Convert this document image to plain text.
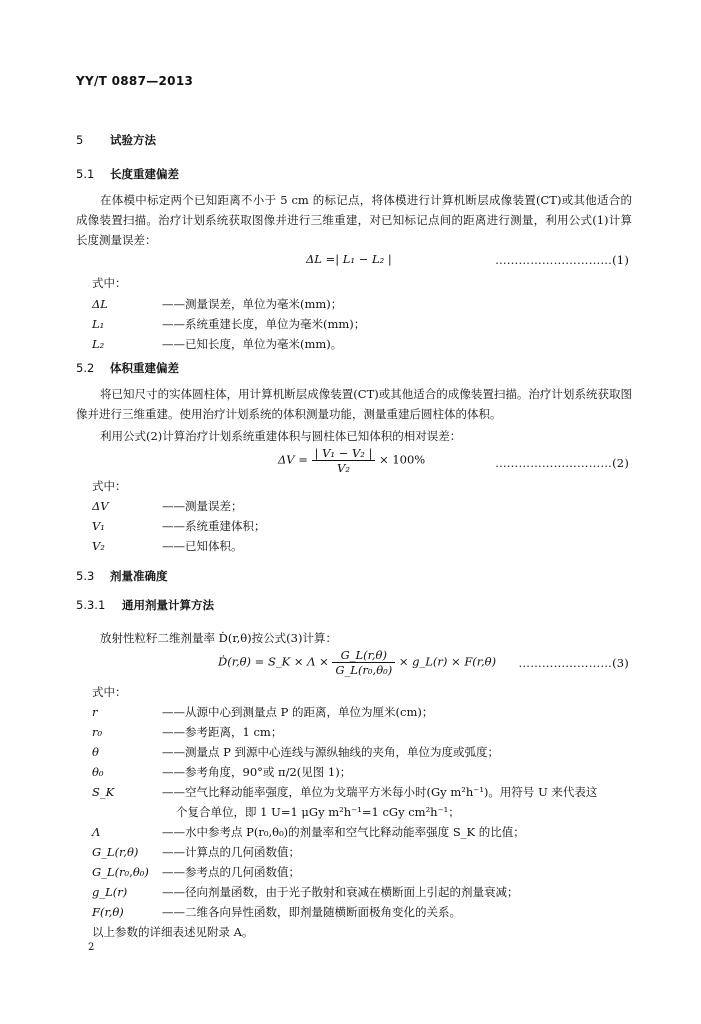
YY/T 0887—2013
5 试验方法
5.1 长度重建偏差
在体模中标定两个已知距离不小于 5 cm 的标记点，将体模进行计算机断层成像装置(CT)或其他适合的成像装置扫描。治疗计划系统获取图像并进行三维重建，对已知标记点间的距离进行测量，利用公式(1)计算长度测量误差：
ΔL =| L₁ − L₂ |	…………………………(1)
式中：
ΔL	——测量误差，单位为毫米(mm)；
L₁	——系统重建长度，单位为毫米(mm)；
L₂	——已知长度，单位为毫米(mm)。
5.2 体积重建偏差
将已知尺寸的实体圆柱体，用计算机断层成像装置(CT)或其他适合的成像装置扫描。治疗计划系统获取图像并进行三维重建。使用治疗计划系统的体积测量功能，测量重建后圆柱体的体积。
利用公式(2)计算治疗计划系统重建体积与圆柱体已知体积的相对误差：
$\Delta V = \frac{\text{| V₁ − V₂ |}}{\text{V₂}} \times 100\%$	…………………………(2)
式中：
ΔV	——测量误差；
V₁	——系统重建体积；
V₂	——已知体积。
5.3 剂量准确度
5.3.1 通用剂量计算方法
放射性粒籽二维剂量率 Ḋ(r,θ)按公式(3)计算：
Ḋ(r,θ) = S_K × $\Lambda \times \frac{G\_L(r,\theta)}{\text{G\_L(r₀,θ₀)}}$ × g_L(r) × F(r,θ) ……………………(3)
式中：
r	——从源中心到测量点 P 的距离，单位为厘米(cm)；
r₀	——参考距离，1 cm；
θ	——测量点 P 到源中心连线与源纵轴线的夹角，单位为度或弧度；
θ₀	——参考角度，90°或 π/2(见图 1)；
S_K	——空气比释动能率强度，单位为戈瑞平方米每小时(Gy m²h⁻¹)。用符号 U 来代表这
个复合单位，即 1 U=1 μGy m²h⁻¹=1 cGy cm²h⁻¹；
Λ	——水中参考点 P(r₀,θ₀)的剂量率和空气比释动能率强度 S_K 的比值；
G_L(r,θ) ——计算点的几何函数值；
G_L(r₀,θ₀) ——参考点的几何函数值；
g_L(r)	——径向剂量函数，由于光子散射和衰减在横断面上引起的剂量衰减；
F(r,θ)	——二维各向异性函数，即剂量随横断面极角变化的关系。
以上参数的详细表述见附录 A。
2
